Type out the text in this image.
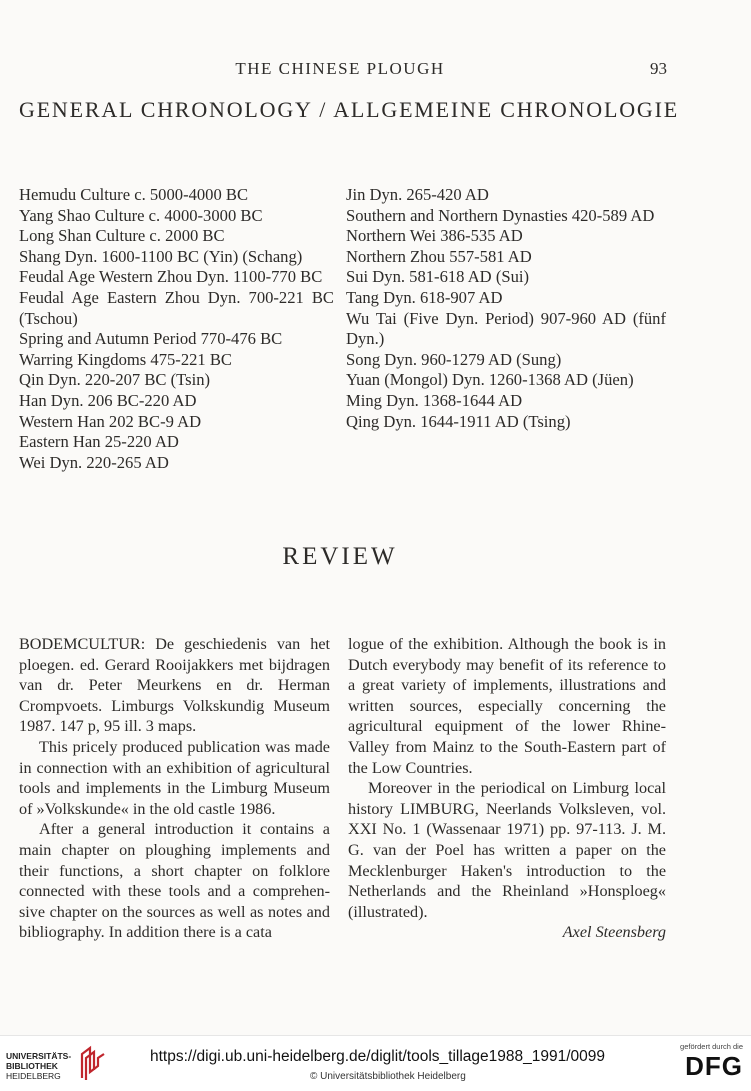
THE CHINESE PLOUGH	93
GENERAL CHRONOLOGY / ALLGEMEINE CHRONOLOGIE
Hemudu Culture c. 5000-4000 BC
Yang Shao Culture c. 4000-3000 BC
Long Shan Culture c. 2000 BC
Shang Dyn. 1600-1100 BC (Yin) (Schang)
Feudal Age Western Zhou Dyn. 1100-770 BC
Feudal Age Eastern Zhou Dyn. 700-221 BC (Tschou)
Spring and Autumn Period 770-476 BC
Warring Kingdoms 475-221 BC
Qin Dyn. 220-207 BC (Tsin)
Han Dyn. 206 BC-220 AD
Western Han 202 BC-9 AD
Eastern Han 25-220 AD
Wei Dyn. 220-265 AD
Jin Dyn. 265-420 AD
Southern and Northern Dynasties 420-589 AD
Northern Wei 386-535 AD
Northern Zhou 557-581 AD
Sui Dyn. 581-618 AD (Sui)
Tang Dyn. 618-907 AD
Wu Tai (Five Dyn. Period) 907-960 AD (fünf Dyn.)
Song Dyn. 960-1279 AD (Sung)
Yuan (Mongol) Dyn. 1260-1368 AD (Jüen)
Ming Dyn. 1368-1644 AD
Qing Dyn. 1644-1911 AD (Tsing)
REVIEW

BODEMCULTUR: De geschiedenis van het ploegen. ed. Gerard Rooijakkers met bijdragen van dr. Peter Meurkens en dr. Herman Crompvoets. Limburgs Volkskundig Museum 1987. 147 p, 95 ill. 3 maps.

This pricely produced publication was made in connection with an exhibition of agricultural tools and implements in the Limburg Museum of »Volkskunde« in the old castle 1986.

After a general introduction it contains a main chapter on ploughing implements and their functions, a short chapter on folklore connected with these tools and a comprehensive chapter on the sources as well as notes and bibliography. In addition there is a cata

logue of the exhibition. Although the book is in Dutch everybody may benefit of its reference to a great variety of implements, illustrations and written sources, especially concerning the agricultural equipment of the lower Rhine-Valley from Mainz to the South-Eastern part of the Low Countries.

Moreover in the periodical on Limburg local history LIMBURG, Neerlands Volksleven, vol. XXI No. 1 (Wassenaar 1971) pp. 97-113. J. M. G. van der Poel has written a paper on the Mecklenburger Haken's introduction to the Netherlands and the Rheinland »Honsploeg« (illustrated).

Axel Steensberg

UNIVERSITÄTS-
BIBLIOTHEK
HEIDELBERG
https://digi.ub.uni-heidelberg.de/diglit/tools_tillage1988_1991/0099
© Universitätsbibliothek Heidelberg
gefördert durch die
DFG
